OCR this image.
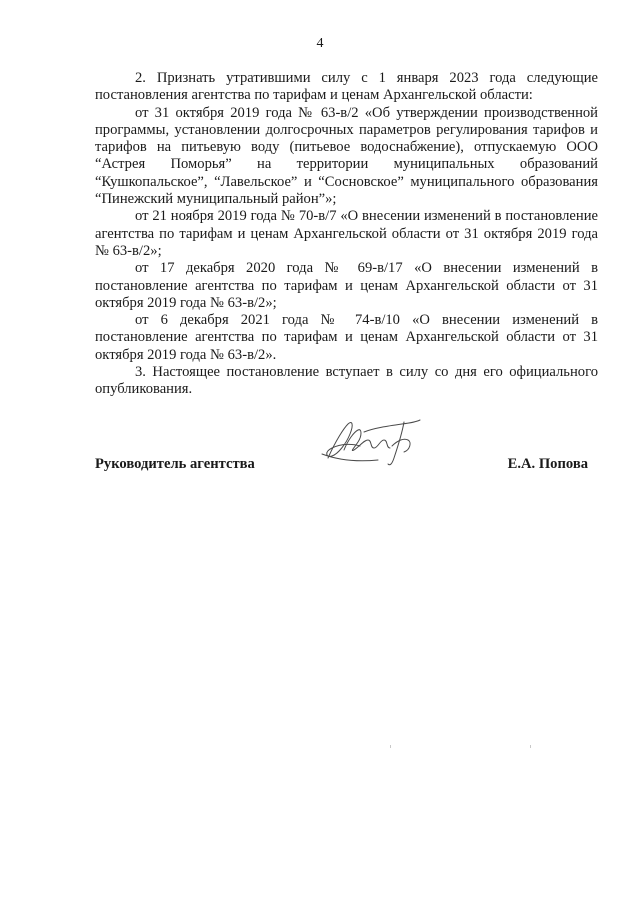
4

2. Признать утратившими силу с 1 января 2023 года следующие постановления агентства по тарифам и ценам Архангельской области:

от 31 октября 2019 года № 63-в/2 «Об утверждении производственной программы, установлении долгосрочных параметров регулирования тарифов и тарифов на питьевую воду (питьевое водоснабжение), отпускаемую ООО “Астрея Поморья” на территории муниципальных образований “Кушкопальское”, “Лавельское” и “Сосновское” муниципального образования “Пинежский муниципальный район”»;

от 21 ноября 2019 года № 70-в/7 «О внесении изменений в постановление агентства по тарифам и ценам Архангельской области от 31 октября 2019 года № 63-в/2»;

от 17 декабря 2020 года № 69-в/17 «О внесении изменений в постановление агентства по тарифам и ценам Архангельской области от 31 октября 2019 года № 63-в/2»;

от 6 декабря 2021 года № 74-в/10 «О внесении изменений в постановление агентства по тарифам и ценам Архангельской области от 31 октября 2019 года № 63-в/2».

3. Настоящее постановление вступает в силу со дня его официального опубликования.

Руководитель агентства	Е.А. Попова
